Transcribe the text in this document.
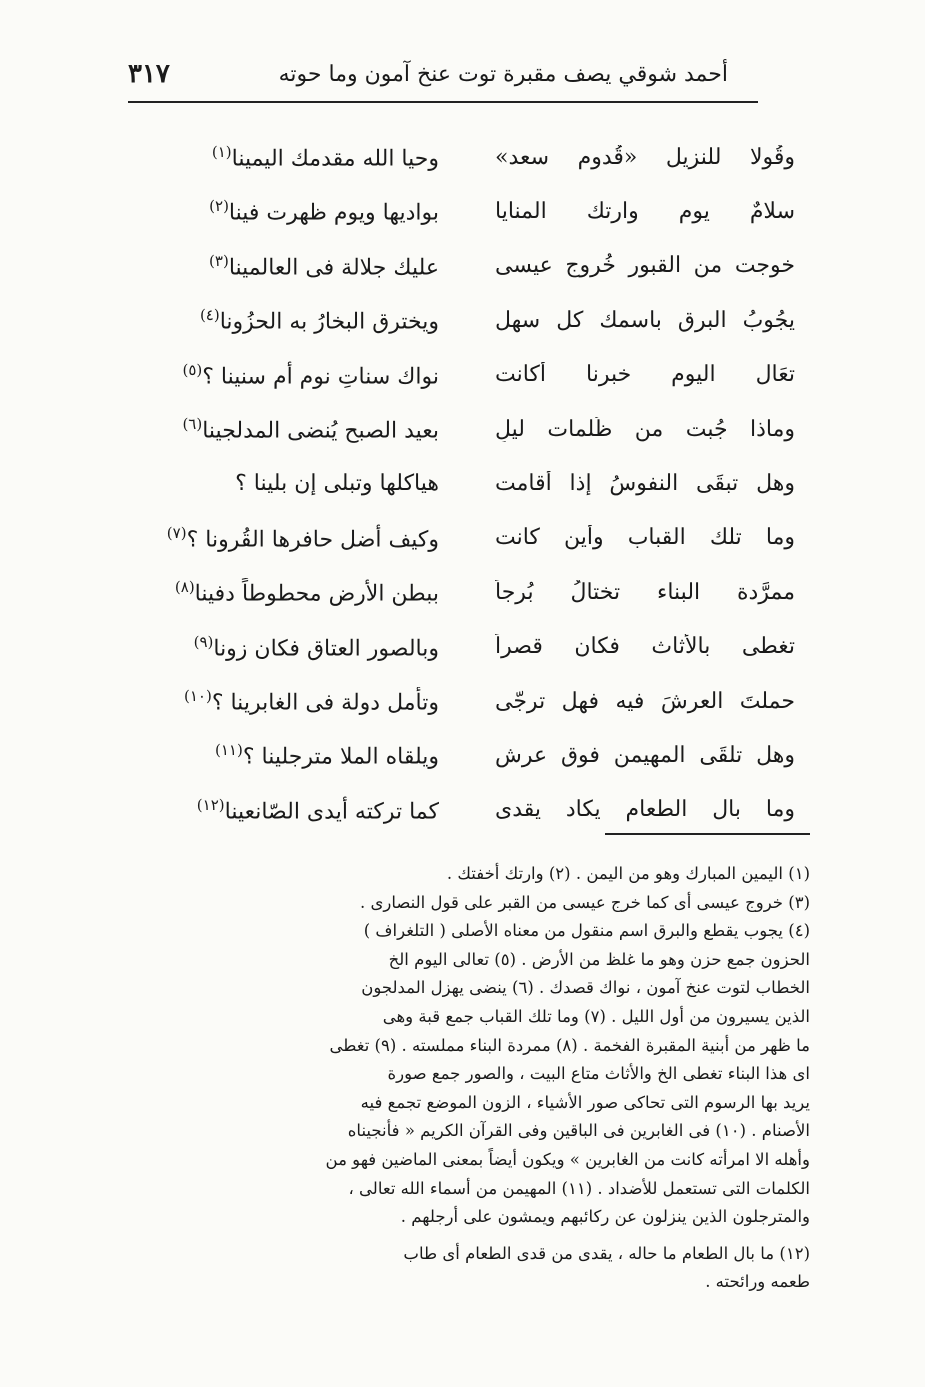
أحمد شوقي يصف مقبرة توت عنخ آمون وما حوته
٣١٧
وقُولا للنزيل «قُدوم سعد»
وحيا الله مقدمك اليمينا$^{(١)}$
سلامٌ يوم وارتك المنايا
بواديها ويوم ظهرت فينا$^{(٢)}$
خوجت من القبور خُروج عيسى
عليك جلالة فى العالمينا$^{(٣)}$
يجُوبُ البرق باسمك كل سهل
ويخترق البخارُ به الحزُونا$^{(٤)}$
تعَال اليوم خبرنا أكانت
نواك سناتِ نومٍ أم سنينا ؟$^{(٥)}$
وماذا جُبت من ظُلمات ليلٍ
بعيد الصبح يُنضى المدلجينا$^{(٦)}$
وهل تبقَى النفوسُ إذا أقامت
هياكلها وتبلى إن بلينا ؟
وما تلك القباب وأين كانت
وكيف أضل حافرها القُرونا ؟$^{(٧)}$
ممرَّدة البناء تختالُ بُرجاً
ببطن الأرض محطوطاً دفينا$^{(٨)}$
تغطى بالأثاث فكان قصراً
وبالصور العتاق فكان زونا$^{(٩)}$
حملتَ العرشَ فيه فهل ترجّى
وتأمل دولة فى الغابرينا ؟$^{(١٠)}$
وهل تلقَى المهيمن فوق عرش
ويلقاه الملا مترجلينا ؟$^{(١١)}$
وما بال الطعام يكاد يقدى
كما تركته أيدى الصّانعينا$^{(١٢)}$
(١) اليمين المبارك وهو من اليمن . (٢) وارتك أخفتك .
(٣) خروج عيسى أى كما خرج عيسى من القبر على قول النصارى .
(٤) يجوب يقطع والبرق اسم منقول من معناه الأصلى ( التلغراف )
الحزون جمع حزن وهو ما غلظ من الأرض . (٥) تعالى اليوم الخ
الخطاب لتوت عنخ آمون ، نواك قصدك . (٦) ينضى يهزل المدلجون
الذين يسيرون من أول الليل . (٧) وما تلك القباب جمع قبة وهى
ما ظهر من أبنية المقبرة الفخمة . (٨) ممردة البناء مملسته . (٩) تغطى
اى هذا البناء تغطى الخ والأثاث متاع البيت ، والصور جمع صورة
يريد بها الرسوم التى تحاكى صور الأشياء ، الزون الموضع تجمع فيه
الأصنام . (١٠) فى الغابرين فى الباقين وفى القرآن الكريم « فأنجيناه
وأهله الا امرأته كانت من الغابرين » ويكون أيضاً بمعنى الماضين فهو من
الكلمات التى تستعمل للأضداد . (١١) المهيمن من أسماء الله تعالى ،
والمترجلون الذين ينزلون عن ركائبهم ويمشون على أرجلهم .
(١٢) ما بال الطعام ما حاله ، يقدى من قدى الطعام أى طاب
طعمه ورائحته .
